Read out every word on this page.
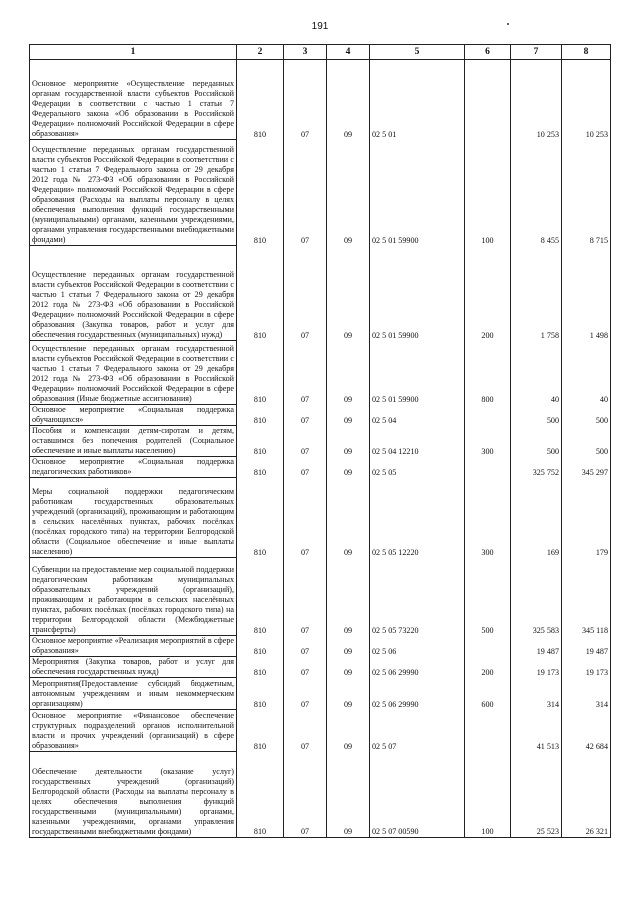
191
1	2	3	4	5	6	7	8
Основное мероприятие «Осуществление переданных органам государственной власти субъектов Российской Федерации в соответствии с частью 1 статьи 7 Федерального закона «Об образовании в Российской Федерации» полномочий Российской Федерации в сфере образования»	810	07	09	02 5 01		10 253	10 253
Осуществление переданных органам государственной власти субъектов Российской Федерации в соответствии с частью 1 статьи 7 Федерального закона от 29 декабря 2012 года № 273-ФЗ «Об образовании в Российской Федерации» полномочий Российской Федерации в сфере образования (Расходы на выплаты персоналу в целях обеспечения выполнения функций государственными (муниципальными) органами, казенными учреждениями, органами управления государственными внебюджетными фондами)	810	07	09	02 5 01 59900	100	8 455	8 715
Осуществление переданных органам государственной власти субъектов Российской Федерации в соответствии с частью 1 статьи 7 Федерального закона от 29 декабря 2012 года № 273-ФЗ «Об образовании в Российской Федерации» полномочий Российской Федерации в сфере образования (Закупка товаров, работ и услуг для обеспечения государственных (муниципальных) нужд)	810	07	09	02 5 01 59900	200	1 758	1 498
Осуществление переданных органам государственной власти субъектов Российской Федерации в соответствии с частью 1 статьи 7 Федерального закона от 29 декабря 2012 года № 273-ФЗ «Об образовании в Российской Федерации» полномочий Российской Федерации в сфере образования (Иные бюджетные ассигнования)	810	07	09	02 5 01 59900	800	40	40
Основное мероприятие «Социальная поддержка обучающихся»	810	07	09	02 5 04		500	500
Пособия и компенсации детям-сиротам и детям, оставшимся без попечения родителей (Социальное обеспечение и иные выплаты населению)	810	07	09	02 5 04 12210	300	500	500
Основное мероприятие «Социальная поддержка педагогических работников»	810	07	09	02 5 05		325 752	345 297
Меры социальной поддержки педагогическим работникам государственных образовательных учреждений (организаций), проживающим и работающим в сельских населённых пунктах, рабочих посёлках (посёлках городского типа) на территории Белгородской области (Социальное обеспечение и иные выплаты населению)	810	07	09	02 5 05 12220	300	169	179
Субвенции на предоставление мер социальной поддержки педагогическим работникам муниципальных образовательных учреждений (организаций), проживающим и работающим в сельских населённых пунктах, рабочих посёлках (посёлках городского типа) на территории Белгородской области (Межбюджетные трансферты)	810	07	09	02 5 05 73220	500	325 583	345 118
Основное мероприятие «Реализация мероприятий в сфере образования»	810	07	09	02 5 06		19 487	19 487
Мероприятия (Закупка товаров, работ и услуг для обеспечения государственных нужд)	810	07	09	02 5 06 29990	200	19 173	19 173
Мероприятия(Предоставление субсидий бюджетным, автономным учреждениям и иным некоммерческим организациям)	810	07	09	02 5 06 29990	600	314	314
Основное мероприятие «Финансовое обеспечение структурных подразделений органов исполнительной власти и прочих учреждений (организаций) в сфере образования»	810	07	09	02 5 07		41 513	42 684
Обеспечение деятельности (оказание услуг) государственных учреждений (организаций) Белгородской области (Расходы на выплаты персоналу в целях обеспечения выполнения функций государственными (муниципальными) органами, казенными учреждениями, органами управления государственными внебюджетными фондами)	810	07	09	02 5 07 00590	100	25 523	26 321
